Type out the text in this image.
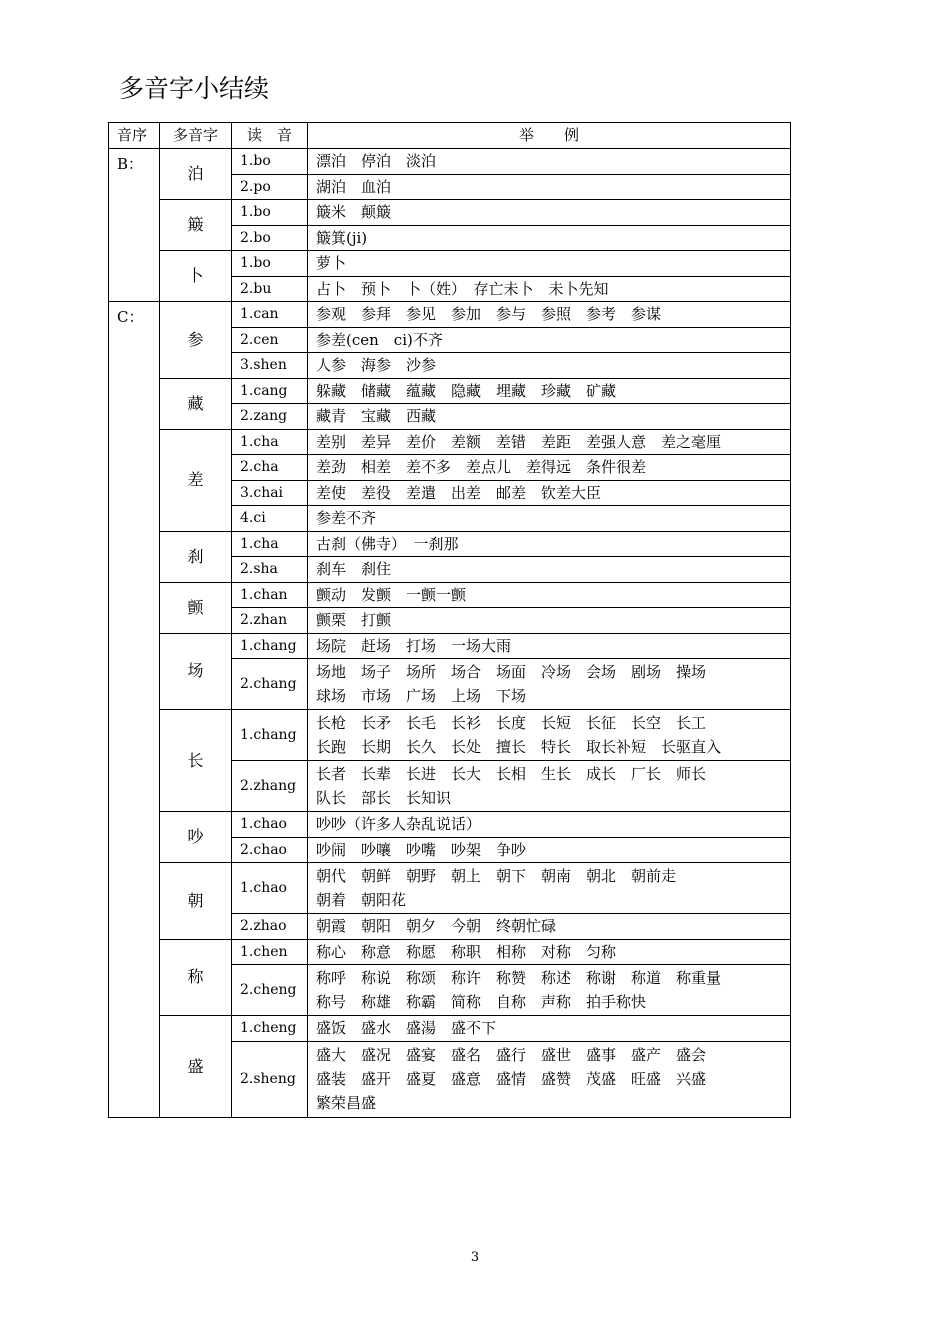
多音字小结续
音序	多音字	读　音	举　　例
B：	泊	1.bo	漂泊　停泊　淡泊

		2.po	湖泊　血泊

	簸	1.bo	簸米　颠簸

		2.bo	簸箕(ji)

	卜	1.bo	萝卜

		2.bu	占卜　预卜　卜（姓）　存亡未卜　未卜先知

C：	参	1.can	参观　参拜　参见　参加　参与　参照　参考　参谋

		2.cen	参差(cen　ci)不齐

		3.shen	人参　海参　沙参

	藏	1.cang	躲藏　储藏　蕴藏　隐藏　埋藏　珍藏　矿藏

		2.zang	藏青　宝藏　西藏

	差	1.cha	差别　差异　差价　差额　差错　差距　差强人意　差之毫厘

		2.cha	差劲　相差　差不多　差点儿　差得远　条件很差

		3.chai	差使　差役　差遣　出差　邮差　钦差大臣

		4.ci	参差不齐

	刹	1.cha	古刹（佛寺）　一刹那

		2.sha	刹车　刹住

	颤	1.chan	颤动　发颤　一颤一颤

		2.zhan	颤栗　打颤

	场	1.chang	场院　赶场　打场　一场大雨

		2.chang	场地　场子　场所　场合　场面　冷场　会场　剧场　操场
球场　市场　广场　上场　下场

	长	1.chang	长枪　长矛　长毛　长衫　长度　长短　长征　长空　长工
长跑　长期　长久　长处　擅长　特长　取长补短　长驱直入

		2.zhang	长者　长辈　长进　长大　长相　生长　成长　厂长　师长
队长　部长　长知识

	吵	1.chao	吵吵（许多人杂乱说话）

		2.chao	吵闹　吵嚷　吵嘴　吵架　争吵

	朝	1.chao	朝代　朝鲜　朝野　朝上　朝下　朝南　朝北　朝前走
朝着　朝阳花

		2.zhao	朝霞　朝阳　朝夕　今朝　终朝忙碌

	称	1.chen	称心　称意　称愿　称职　相称　对称　匀称

		2.cheng	称呼　称说　称颂　称许　称赞　称述　称谢　称道　称重量
称号　称雄　称霸　简称　自称　声称　拍手称快

	盛	1.cheng	盛饭　盛水　盛湯　盛不下

		2.sheng	盛大　盛况　盛宴　盛名　盛行　盛世　盛事　盛产　盛会
盛装　盛开　盛夏　盛意　盛情　盛赞　茂盛　旺盛　兴盛
繁荣昌盛
3
